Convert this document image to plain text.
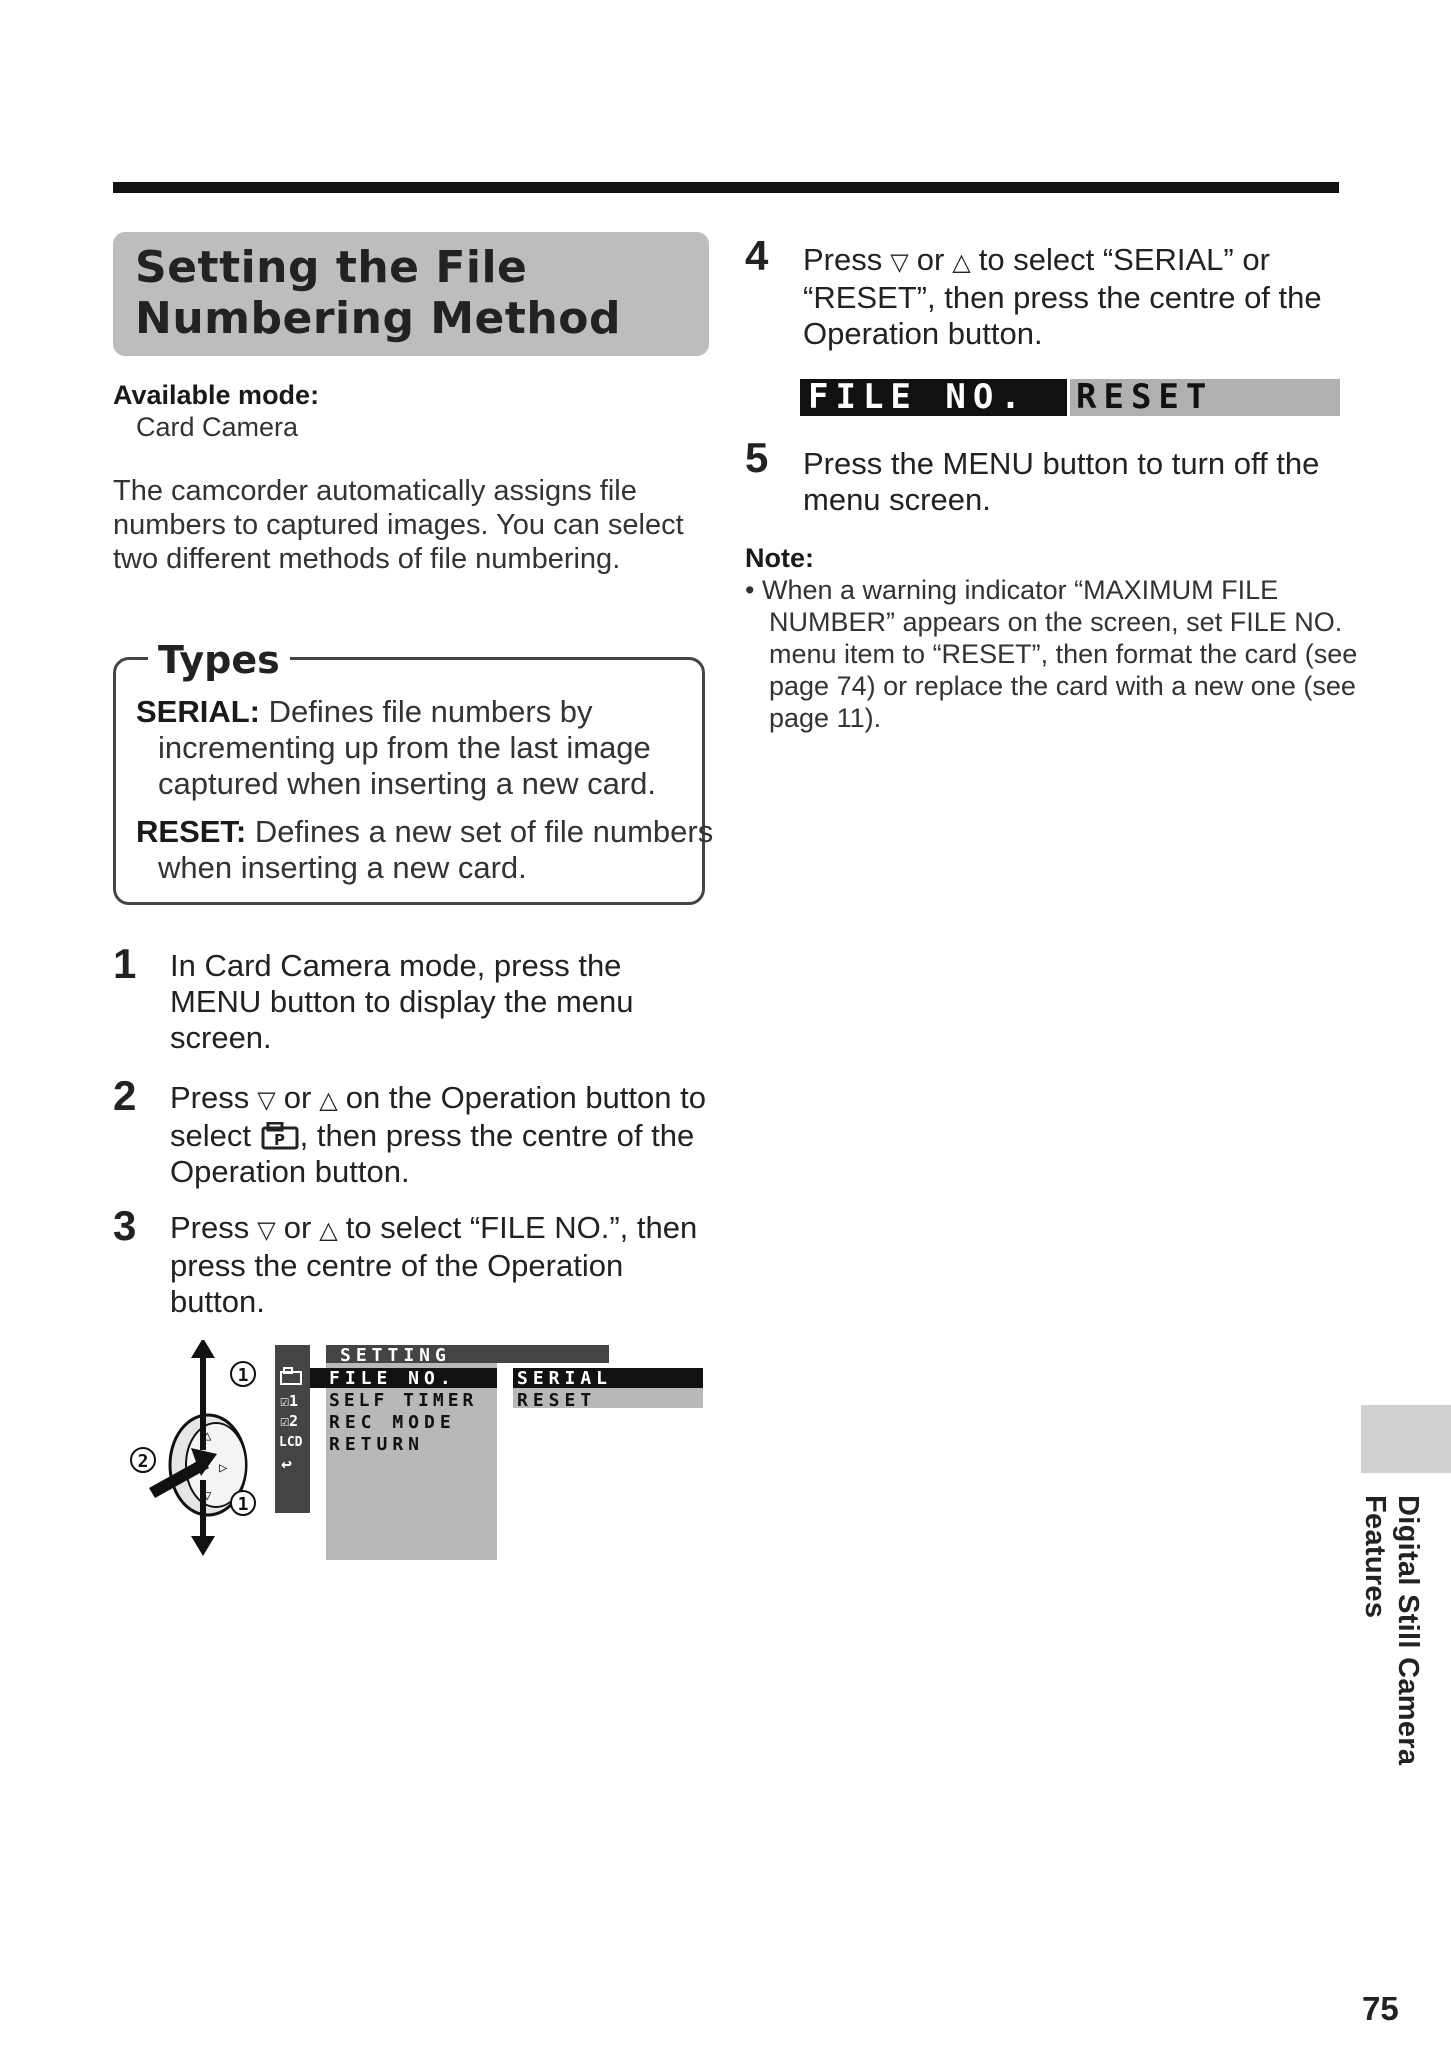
Setting the File Numbering Method
Available mode:
Card Camera
The camcorder automatically assigns file numbers to captured images. You can select two different methods of file numbering.
Types
SERIAL: Defines file numbers by incrementing up from the last image captured when inserting a new card.
RESET: Defines a new set of file numbers when inserting a new card.
1 In Card Camera mode, press the MENU button to display the menu screen.
2 Press ▽ or △ on the Operation button to select P , then press the centre of the Operation button.
3 Press ▽ or △ to select “FILE NO.”, then press the centre of the Operation button.
△
▷
▽
1
2
1
SETTING
FILE NO.
SELF TIMER
REC MODE
RETURN
SERIAL
RESET
☑1
☑2
LCD
↩
4 Press ▽ or △ to select “SERIAL” or “RESET”, then press the centre of the Operation button.
FILE NO.	RESET
5 Press the MENU button to turn off the menu screen.
Note:
• When a warning indicator “MAXIMUM FILE NUMBER” appears on the screen, set FILE NO. menu item to “RESET”, then format the card (see page 74) or replace the card with a new one (see page 11).
Digital Still Camera Features
75
